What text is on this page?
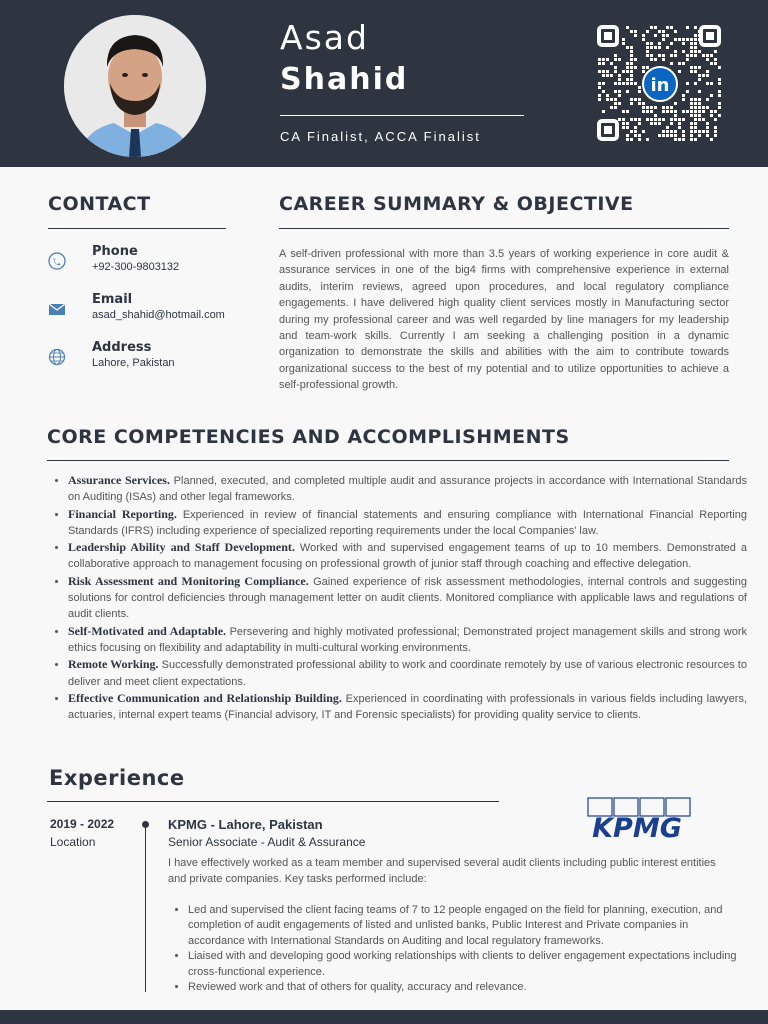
Asad
Shahid
CA Finalist, ACCA Finalist
in
CONTACT
Phone
+92-300-9803132
Email
asad_shahid@hotmail.com
Address
Lahore, Pakistan
CAREER SUMMARY & OBJECTIVE
A self-driven professional with more than 3.5 years of working experience in core audit & assurance services in one of the big4 firms with comprehensive experience in external audits, interim reviews, agreed upon procedures, and local regulatory compliance engagements. I have delivered high quality client services mostly in Manufacturing sector during my professional career and was well regarded by line managers for my leadership and team-work skills. Currently I am seeking a challenging position in a dynamic organization to demonstrate the skills and abilities with the aim to contribute towards organizational success to the best of my potential and to utilize opportunities to achieve a self-professional growth.
CORE COMPETENCIES AND ACCOMPLISHMENTS
• Assurance Services. Planned, executed, and completed multiple audit and assurance projects in accordance with International Standards on Auditing (ISAs) and other legal frameworks.
• Financial Reporting. Experienced in review of financial statements and ensuring compliance with International Financial Reporting Standards (IFRS) including experience of specialized reporting requirements under the local Companies' law.
• Leadership Ability and Staff Development. Worked with and supervised engagement teams of up to 10 members. Demonstrated a collaborative approach to management focusing on professional growth of junior staff through coaching and effective delegation.
• Risk Assessment and Monitoring Compliance. Gained experience of risk assessment methodologies, internal controls and suggesting solutions for control deficiencies through management letter on audit clients. Monitored compliance with applicable laws and regulations of audit clients.
• Self-Motivated and Adaptable. Persevering and highly motivated professional; Demonstrated project management skills and strong work ethics focusing on flexibility and adaptability in multi-cultural working environments.
• Remote Working. Successfully demonstrated professional ability to work and coordinate remotely by use of various electronic resources to deliver and meet client expectations.
• Effective Communication and Relationship Building. Experienced in coordinating with professionals in various fields including lawyers, actuaries, internal expert teams (Financial advisory, IT and Forensic specialists) for providing quality service to clients.
Experience
2019 - 2022
Location
KPMG - Lahore, Pakistan
Senior Associate - Audit & Assurance
I have effectively worked as a team member and supervised several audit clients including public interest entities and private companies. Key tasks performed include:
• Led and supervised the client facing teams of 7 to 12 people engaged on the field for planning, execution, and completion of audit engagements of listed and unlisted banks, Public Interest and Private companies in accordance with International Standards on Auditing and local regulatory frameworks.
• Liaised with and developing good working relationships with clients to deliver engagement expectations including cross-functional experience.
• Reviewed work and that of others for quality, accuracy and relevance.
KPMG
